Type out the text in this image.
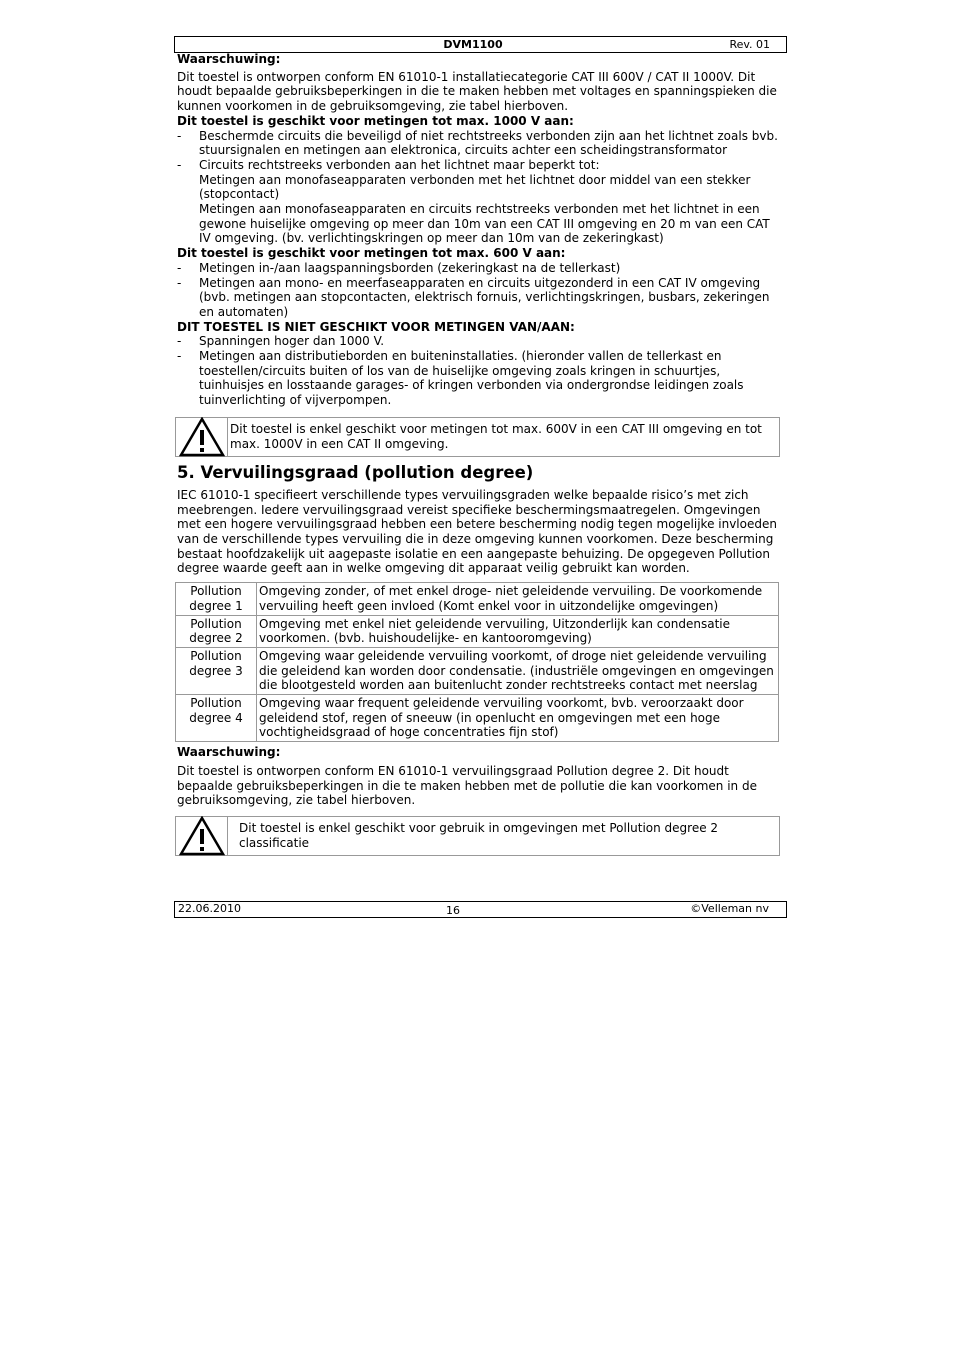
DVM1100	Rev. 01

Waarschuwing:

Dit toestel is ontworpen conform EN 61010-1 installatiecategorie CAT III 600V / CAT II 1000V. Dit houdt bepaalde gebruiksbeperkingen in die te maken hebben met voltages en spanningspieken die kunnen voorkomen in de gebruiksomgeving, zie tabel hierboven.

Dit toestel is geschikt voor metingen tot max. 1000 V aan:

- Beschermde circuits die beveiligd of niet rechtstreeks verbonden zijn aan het lichtnet zoals bvb. stuursignalen en metingen aan elektronica, circuits achter een scheidingstransformator
- Circuits rechtstreeks verbonden aan het lichtnet maar beperkt tot:
Metingen aan monofaseapparaten verbonden met het lichtnet door middel van een stekker (stopcontact)
Metingen aan monofaseapparaten en circuits rechtstreeks verbonden met het lichtnet in een gewone huiselijke omgeving op meer dan 10m van een CAT III omgeving en 20 m van een CAT IV omgeving. (bv. verlichtingskringen op meer dan 10m van de zekeringkast)

Dit toestel is geschikt voor metingen tot max. 600 V aan:

- Metingen in-/aan laagspanningsborden (zekeringkast na de tellerkast)
- Metingen aan mono- en meerfaseapparaten en circuits uitgezonderd in een CAT IV omgeving (bvb. metingen aan stopcontacten, elektrisch fornuis, verlichtingskringen, busbars, zekeringen en automaten)

DIT TOESTEL IS NIET GESCHIKT VOOR METINGEN VAN/AAN:

- Spanningen hoger dan 1000 V.
- Metingen aan distributieborden en buiteninstallaties. (hieronder vallen de tellerkast en toestellen/circuits buiten of los van de huiselijke omgeving zoals kringen in schuurtjes, tuinhuisjes en losstaande garages- of kringen verbonden via ondergrondse leidingen zoals tuinverlichting of vijverpompen.
Dit toestel is enkel geschikt voor metingen tot max. 600V in een CAT III omgeving en tot max. 1000V in een CAT II omgeving.
5. Vervuilingsgraad (pollution degree)

IEC 61010-1 specifieert verschillende types vervuilingsgraden welke bepaalde risico’s met zich meebrengen. Iedere vervuilingsgraad vereist specifieke beschermingsmaatregelen. Omgevingen met een hogere vervuilingsgraad hebben een betere bescherming nodig tegen mogelijke invloeden van de verschillende types vervuiling die in deze omgeving kunnen voorkomen. Deze bescherming bestaat hoofdzakelijk uit aagepaste isolatie en een aangepaste behuizing. De opgegeven Pollution degree waarde geeft aan in welke omgeving dit apparaat veilig gebruikt kan worden.

Pollution degree 1	Omgeving zonder, of met enkel droge- niet geleidende vervuiling. De voorkomende vervuiling heeft geen invloed (Komt enkel voor in uitzondelijke omgevingen)
Pollution degree 2	Omgeving met enkel niet geleidende vervuiling, Uitzonderlijk kan condensatie voorkomen. (bvb. huishoudelijke- en kantooromgeving)
Pollution degree 3	Omgeving waar geleidende vervuiling voorkomt, of droge niet geleidende vervuiling die geleidend kan worden door condensatie. (industriële omgevingen en omgevingen die blootgesteld worden aan buitenlucht zonder rechtstreeks contact met neerslag
Pollution degree 4	Omgeving waar frequent geleidende vervuiling voorkomt, bvb. veroorzaakt door geleidend stof, regen of sneeuw (in openlucht en omgevingen met een hoge vochtigheidsgraad of hoge concentraties fijn stof)

Waarschuwing:

Dit toestel is ontworpen conform EN 61010-1 vervuilingsgraad Pollution degree 2. Dit houdt bepaalde gebruiksbeperkingen in die te maken hebben met de pollutie die kan voorkomen in de gebruiksomgeving, zie tabel hierboven.

Dit toestel is enkel geschikt voor gebruik in omgevingen met Pollution degree 2 classificatie
22.06.2010	16	©Velleman nv
